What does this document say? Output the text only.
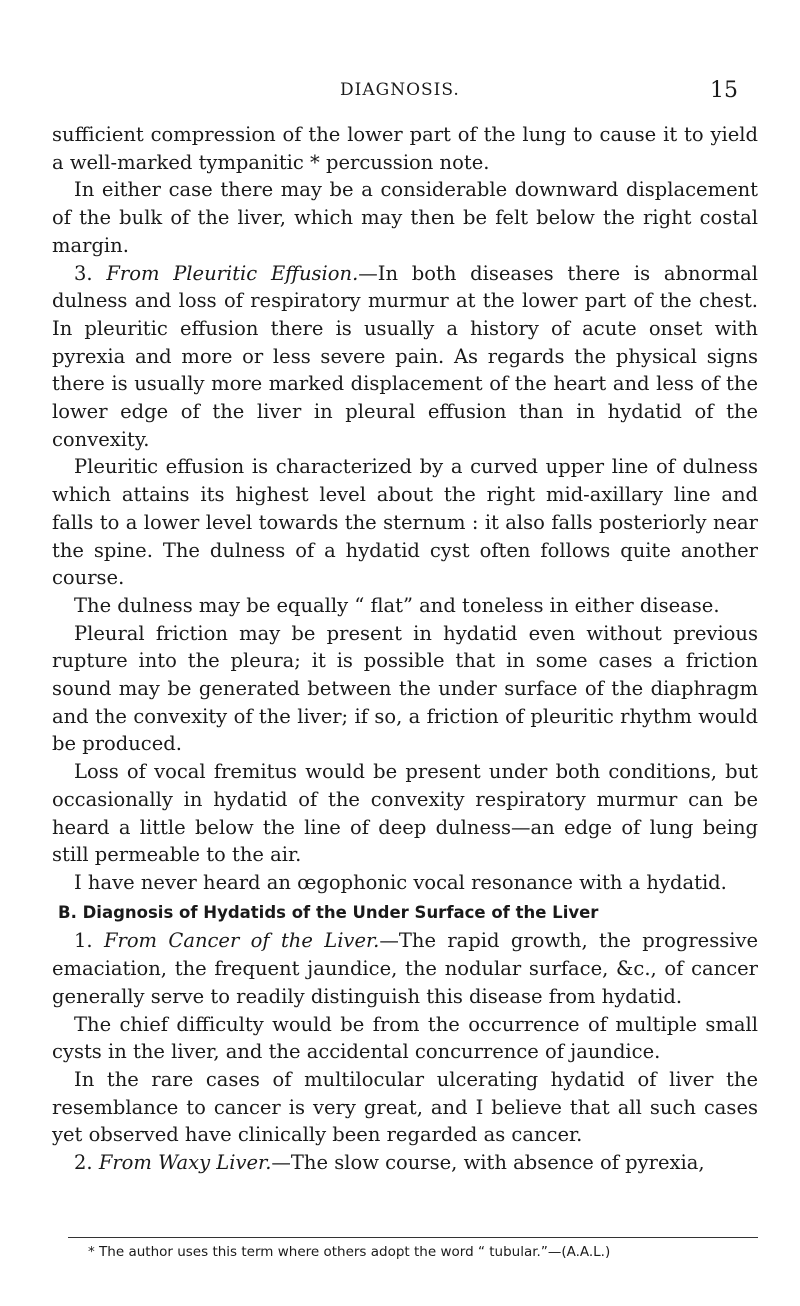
DIAGNOSIS.	15

sufficient compression of the lower part of the lung to cause it to yield a well-marked tympanitic * percussion note.

In either case there may be a considerable downward displacement of the bulk of the liver, which may then be felt below the right costal margin.

3. From Pleuritic Effusion.—In both diseases there is abnormal dulness and loss of respiratory murmur at the lower part of the chest. In pleuritic effusion there is usually a history of acute onset with pyrexia and more or less severe pain. As regards the physical signs there is usually more marked displacement of the heart and less of the lower edge of the liver in pleural effusion than in hydatid of the convexity.

Pleuritic effusion is characterized by a curved upper line of dulness which attains its highest level about the right mid-axillary line and falls to a lower level towards the sternum : it also falls posteriorly near the spine. The dulness of a hydatid cyst often follows quite another course.

The dulness may be equally “ flat” and toneless in either disease.

Pleural friction may be present in hydatid even without previous rupture into the pleura; it is possible that in some cases a friction sound may be generated between the under surface of the diaphragm and the convexity of the liver; if so, a friction of pleuritic rhythm would be produced.

Loss of vocal fremitus would be present under both conditions, but occasionally in hydatid of the convexity respiratory murmur can be heard a little below the line of deep dulness—an edge of lung being still permeable to the air.

I have never heard an œgophonic vocal resonance with a hydatid.

B. Diagnosis of Hydatids of the Under Surface of the Liver

1. From Cancer of the Liver.—The rapid growth, the progressive emaciation, the frequent jaundice, the nodular surface, &c., of cancer generally serve to readily distinguish this disease from hydatid.

The chief difficulty would be from the occurrence of multiple small cysts in the liver, and the accidental concurrence of jaundice.

In the rare cases of multilocular ulcerating hydatid of liver the resemblance to cancer is very great, and I believe that all such cases yet observed have clinically been regarded as cancer.

2. From Waxy Liver.—The slow course, with absence of pyrexia,

* The author uses this term where others adopt the word “ tubular.”—(A.A.L.)
